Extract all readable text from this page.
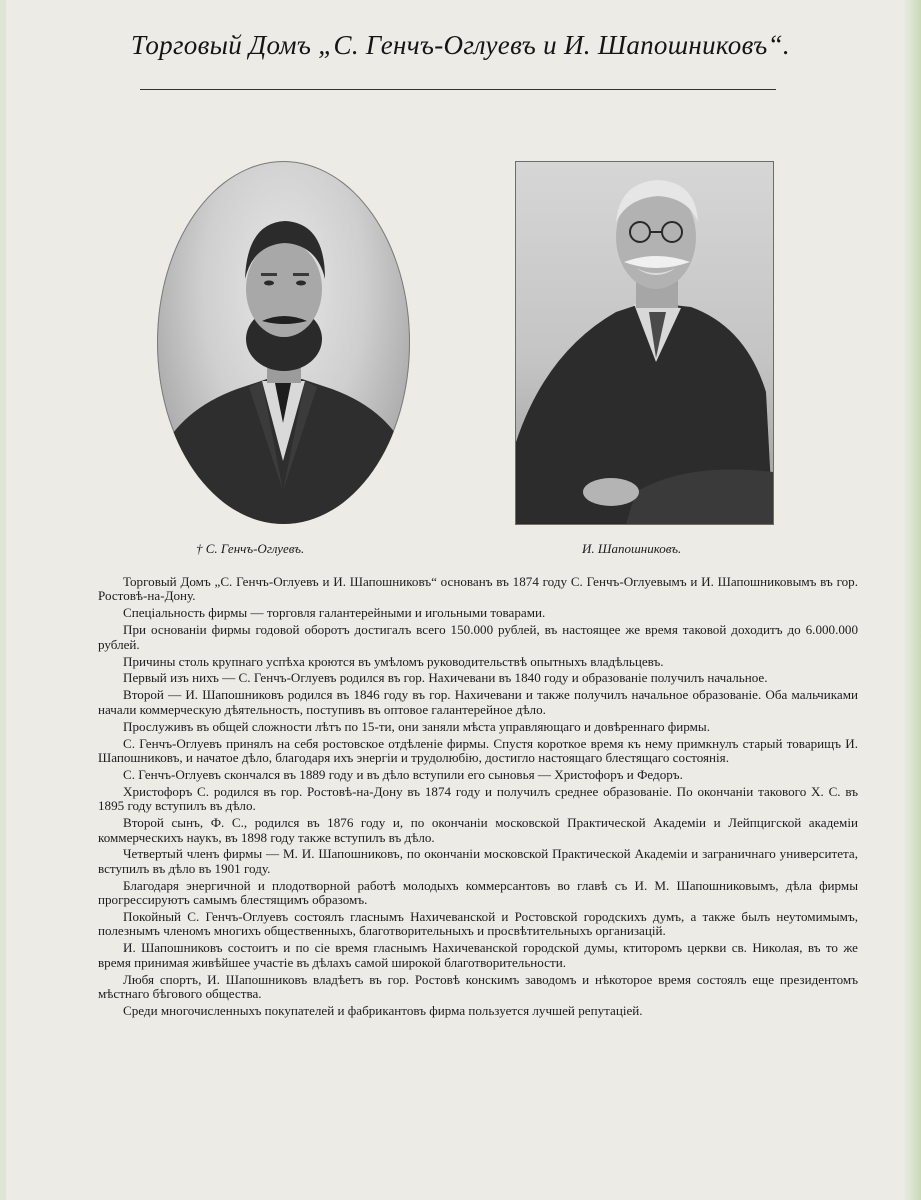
Торговый Домъ „С. Генчъ-Оглуевъ и И. Шапошниковъ“.
† С. Генчъ-Оглуевъ.	И. Шапошниковъ.

Торговый Домъ „С. Генчъ-Оглуевъ и И. Шапошниковъ“ основанъ въ 1874 году С. Генчъ-Оглуевымъ и И. Шапошниковымъ въ гор. Ростовѣ-на-Дону.

Спеціальность фирмы — торговля галантерейными и игольными товарами.

При основаніи фирмы годовой оборотъ достигалъ всего 150.000 рублей, въ настоящее же время таковой доходитъ до 6.000.000 рублей.

Причины столь крупнаго успѣха кроются въ умѣломъ руководительствѣ опытныхъ владѣльцевъ.

Первый изъ нихъ — С. Генчъ-Оглуевъ родился въ гор. Нахичевани въ 1840 году и образованіе получилъ начальное.

Второй — И. Шапошниковъ родился въ 1846 году въ гор. Нахичевани и также получилъ начальное образованіе. Оба мальчиками начали коммерческую дѣятельность, поступивъ въ оптовое галантерейное дѣло.

Прослуживъ въ общей сложности лѣтъ по 15-ти, они заняли мѣста управляющаго и довѣреннаго фирмы.

С. Генчъ-Оглуевъ принялъ на себя ростовское отдѣленіе фирмы. Спустя короткое время къ нему примкнулъ старый товарищъ И. Шапошниковъ, и начатое дѣло, благодаря ихъ энергіи и трудолюбію, достигло настоящаго блестящаго состоянія.

С. Генчъ-Оглуевъ скончался въ 1889 году и въ дѣло вступили его сыновья — Христофоръ и Федоръ.

Христофоръ С. родился въ гор. Ростовѣ-на-Дону въ 1874 году и получилъ среднее образованіе. По окончаніи такового Х. С. въ 1895 году вступилъ въ дѣло.

Второй сынъ, Ф. С., родился въ 1876 году и, по окончаніи московской Практической Академіи и Лейпцигской академіи коммерческихъ наукъ, въ 1898 году также вступилъ въ дѣло.

Четвертый членъ фирмы — М. И. Шапошниковъ, по окончаніи московской Практической Академіи и заграничнаго университета, вступилъ въ дѣло въ 1901 году.

Благодаря энергичной и плодотворной работѣ молодыхъ коммерсантовъ во главѣ съ И. М. Шапошниковымъ, дѣла фирмы прогрессируютъ самымъ блестящимъ образомъ.

Покойный С. Генчъ-Оглуевъ состоялъ гласнымъ Нахичеванской и Ростовской городскихъ думъ, а также былъ неутомимымъ, полезнымъ членомъ многихъ общественныхъ, благотворительныхъ и просвѣтительныхъ организацій.

И. Шапошниковъ состоитъ и по сіе время гласнымъ Нахичеванской городской думы, ктиторомъ церкви св. Николая, въ то же время принимая живѣйшее участіе въ дѣлахъ самой широкой благотворительности.

Любя спортъ, И. Шапошниковъ владѣетъ въ гор. Ростовѣ конскимъ заводомъ и нѣкоторое время состоялъ еще президентомъ мѣстнаго бѣгового общества.

Среди многочисленныхъ покупателей и фабрикантовъ фирма пользуется лучшей репутаціей.
